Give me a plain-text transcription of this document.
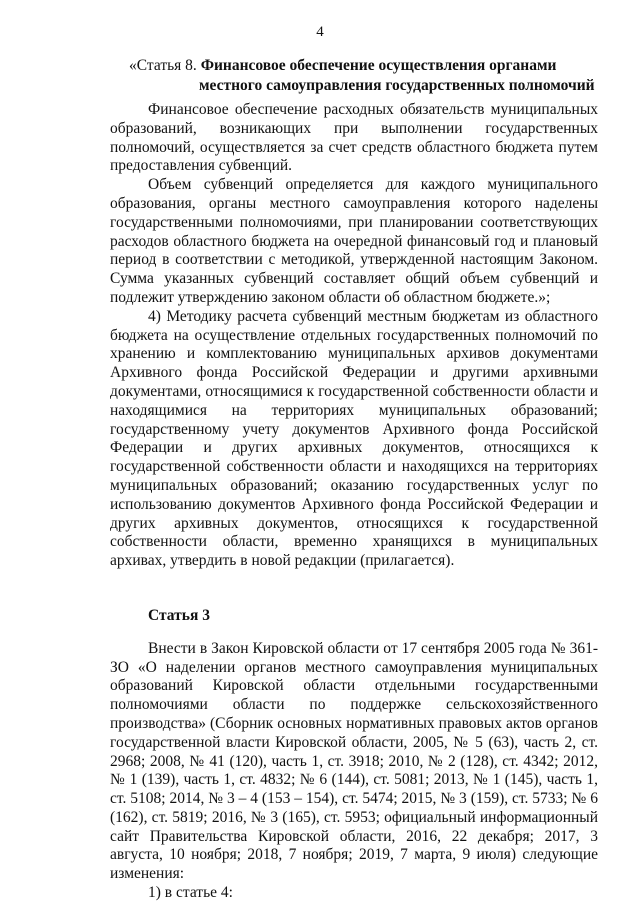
4
«Статья 8. Финансовое обеспечение осуществления органами
местного самоуправления государственных полномочий

Финансовое обеспечение расходных обязательств муниципальных образований, возникающих при выполнении государственных полномочий, осуществляется за счет средств областного бюджета путем предоставления субвенций.

Объем субвенций определяется для каждого муниципального образования, органы местного самоуправления которого наделены государственными полномочиями, при планировании соответствующих расходов областного бюджета на очередной финансовый год и плановый период в соответствии с методикой, утвержденной настоящим Законом. Сумма указанных субвенций составляет общий объем субвенций и подлежит утверждению законом области об областном бюджете.»;

4) Методику расчета субвенций местным бюджетам из областного бюджета на осуществление отдельных государственных полномочий по хранению и комплектованию муниципальных архивов документами Архивного фонда Российской Федерации и другими архивными документами, относящимися к государственной собственности области и находящимися на территориях муниципальных образований; государственному учету документов Архивного фонда Российской Федерации и других архивных документов, относящихся к государственной собственности области и находящихся на территориях муниципальных образований; оказанию государственных услуг по использованию документов Архивного фонда Российской Федерации и других архивных документов, относящихся к государственной собственности области, временно хранящихся в муниципальных архивах, утвердить в новой редакции (прилагается).

Статья 3

Внести в Закон Кировской области от 17 сентября 2005 года № 361-ЗО «О наделении органов местного самоуправления муниципальных образований Кировской области отдельными государственными полномочиями области по поддержке сельскохозяйственного производства» (Сборник основных нормативных правовых актов органов государственной власти Кировской области, 2005, № 5 (63), часть 2, ст. 2968; 2008, № 41 (120), часть 1, ст. 3918; 2010, № 2 (128), ст. 4342; 2012, № 1 (139), часть 1, ст. 4832; № 6 (144), ст. 5081; 2013, № 1 (145), часть 1, ст. 5108; 2014, № 3 – 4 (153 – 154), ст. 5474; 2015, № 3 (159), ст. 5733; № 6 (162), ст. 5819; 2016, № 3 (165), ст. 5953; официальный информационный сайт Правительства Кировской области, 2016, 22 декабря; 2017, 3 августа, 10 ноября; 2018, 7 ноября; 2019, 7 марта, 9 июля) следующие изменения:

1) в статье 4:
